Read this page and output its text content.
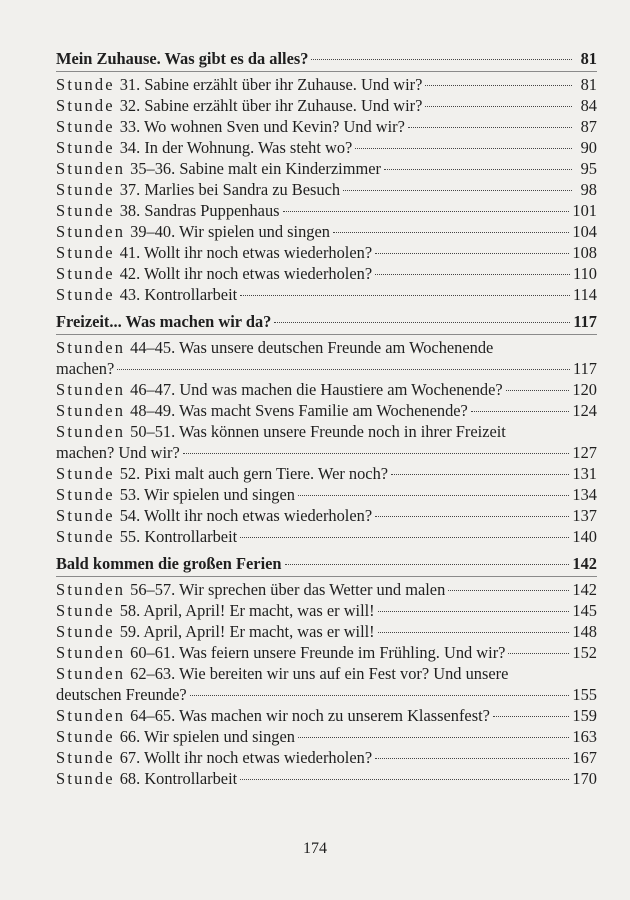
Mein Zuhause. Was gibt es da alles?	81
Stunde 31. Sabine erzählt über ihr Zuhause. Und wir?	81
Stunde 32. Sabine erzählt über ihr Zuhause. Und wir?	84
Stunde 33. Wo wohnen Sven und Kevin? Und wir?	87
Stunde 34. In der Wohnung. Was steht wo?	90
Stunden 35–36. Sabine malt ein Kinderzimmer	95
Stunde 37. Marlies bei Sandra zu Besuch	98
Stunde 38. Sandras Puppenhaus	101
Stunden 39–40. Wir spielen und singen	104
Stunde 41. Wollt ihr noch etwas wiederholen?	108
Stunde 42. Wollt ihr noch etwas wiederholen?	110
Stunde 43. Kontrollarbeit	114
Freizeit... Was machen wir da?	117
Stunden 44–45. Was unsere deutschen Freunde am Wochenende
machen?	117
Stunden 46–47. Und was machen die Haustiere am Wochenende?	120
Stunden 48–49. Was macht Svens Familie am Wochenende?	124
Stunden 50–51. Was können unsere Freunde noch in ihrer Freizeit
machen? Und wir?	127
Stunde 52. Pixi malt auch gern Tiere. Wer noch?	131
Stunde 53. Wir spielen und singen	134
Stunde 54. Wollt ihr noch etwas wiederholen?	137
Stunde 55. Kontrollarbeit	140
Bald kommen die großen Ferien	142
Stunden 56–57. Wir sprechen über das Wetter und malen	142
Stunde 58. April, April! Er macht, was er will!	145
Stunde 59. April, April! Er macht, was er will!	148
Stunden 60–61. Was feiern unsere Freunde im Frühling. Und wir?	152
Stunden 62–63. Wie bereiten wir uns auf ein Fest vor? Und unsere
deutschen Freunde?	155
Stunden 64–65. Was machen wir noch zu unserem Klassenfest?	159
Stunde 66. Wir spielen und singen	163
Stunde 67. Wollt ihr noch etwas wiederholen?	167
Stunde 68. Kontrollarbeit	170
174
